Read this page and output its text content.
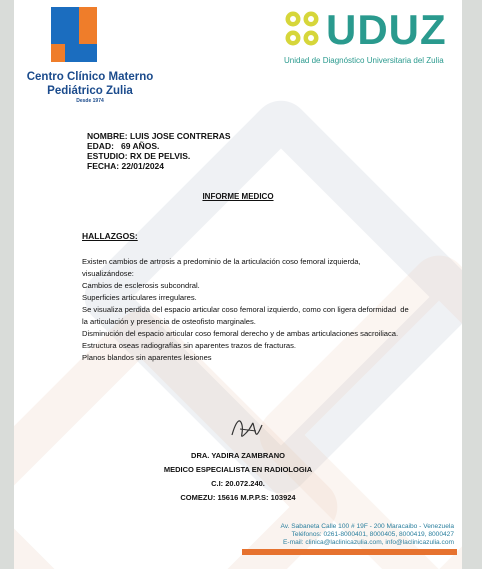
Centro Clínico Materno
Pediátrico Zulia
Desde 1974
UDUZ
Unidad de Diagnóstico Universitaria del Zulia
NOMBRE: LUIS JOSE CONTRERAS
EDAD:   69 AÑOS.
ESTUDIO: RX DE PELVIS.
FECHA: 22/01/2024
INFORME MEDICO
HALLAZGOS:

Existen cambios de artrosis a predominio de la articulación coso femoral izquierda, visualizándose:

Cambios de esclerosis subcondral.

Superficies articulares irregulares.

Se visualiza perdida del espacio articular coso femoral izquierdo, como con ligera deformidad  de la articulación y presencia de osteofisto marginales.

Disminución del espacio articular coso femoral derecho y de ambas articulaciones sacroiliaca.

Estructura oseas radiografías sin aparentes trazos de fracturas.

Planos blandos sin aparentes lesiones

DRA. YADIRA ZAMBRANO
MEDICO ESPECIALISTA EN RADIOLOGIA
C.I: 20.072.240.
COMEZU: 15616 M.P.P.S: 103924
Av. Sabaneta Calle 100 # 19F - 200 Maracaibo - Venezuela
Teléfonos: 0261-8000401, 8000405, 8000419, 8000427
E-mail: clinica@laclinicazulia.com, info@laclinicazulia.com
